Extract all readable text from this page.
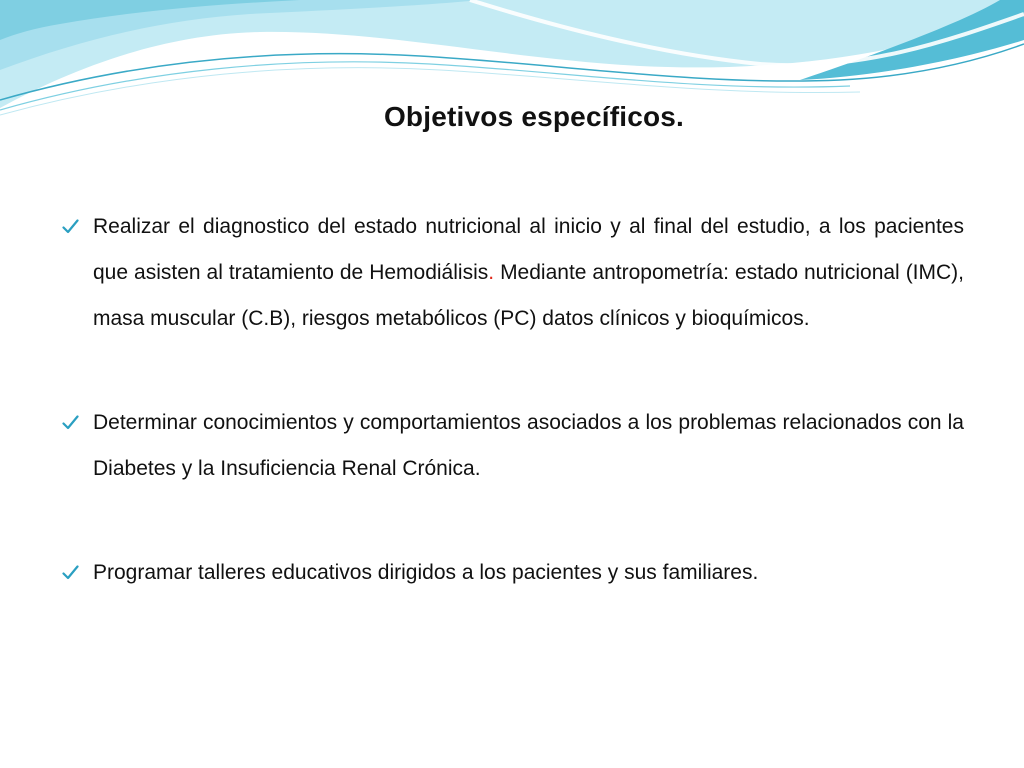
Objetivos específicos.
Realizar el diagnostico del estado nutricional al inicio y al final del estudio, a los pacientes que asisten al tratamiento de Hemodiálisis. Mediante antropometría: estado nutricional (IMC), masa muscular (C.B), riesgos metabólicos (PC) datos clínicos y bioquímicos.
Determinar conocimientos y comportamientos asociados a los problemas relacionados con la Diabetes y la Insuficiencia Renal Crónica.
Programar talleres educativos dirigidos a los pacientes y sus familiares.
